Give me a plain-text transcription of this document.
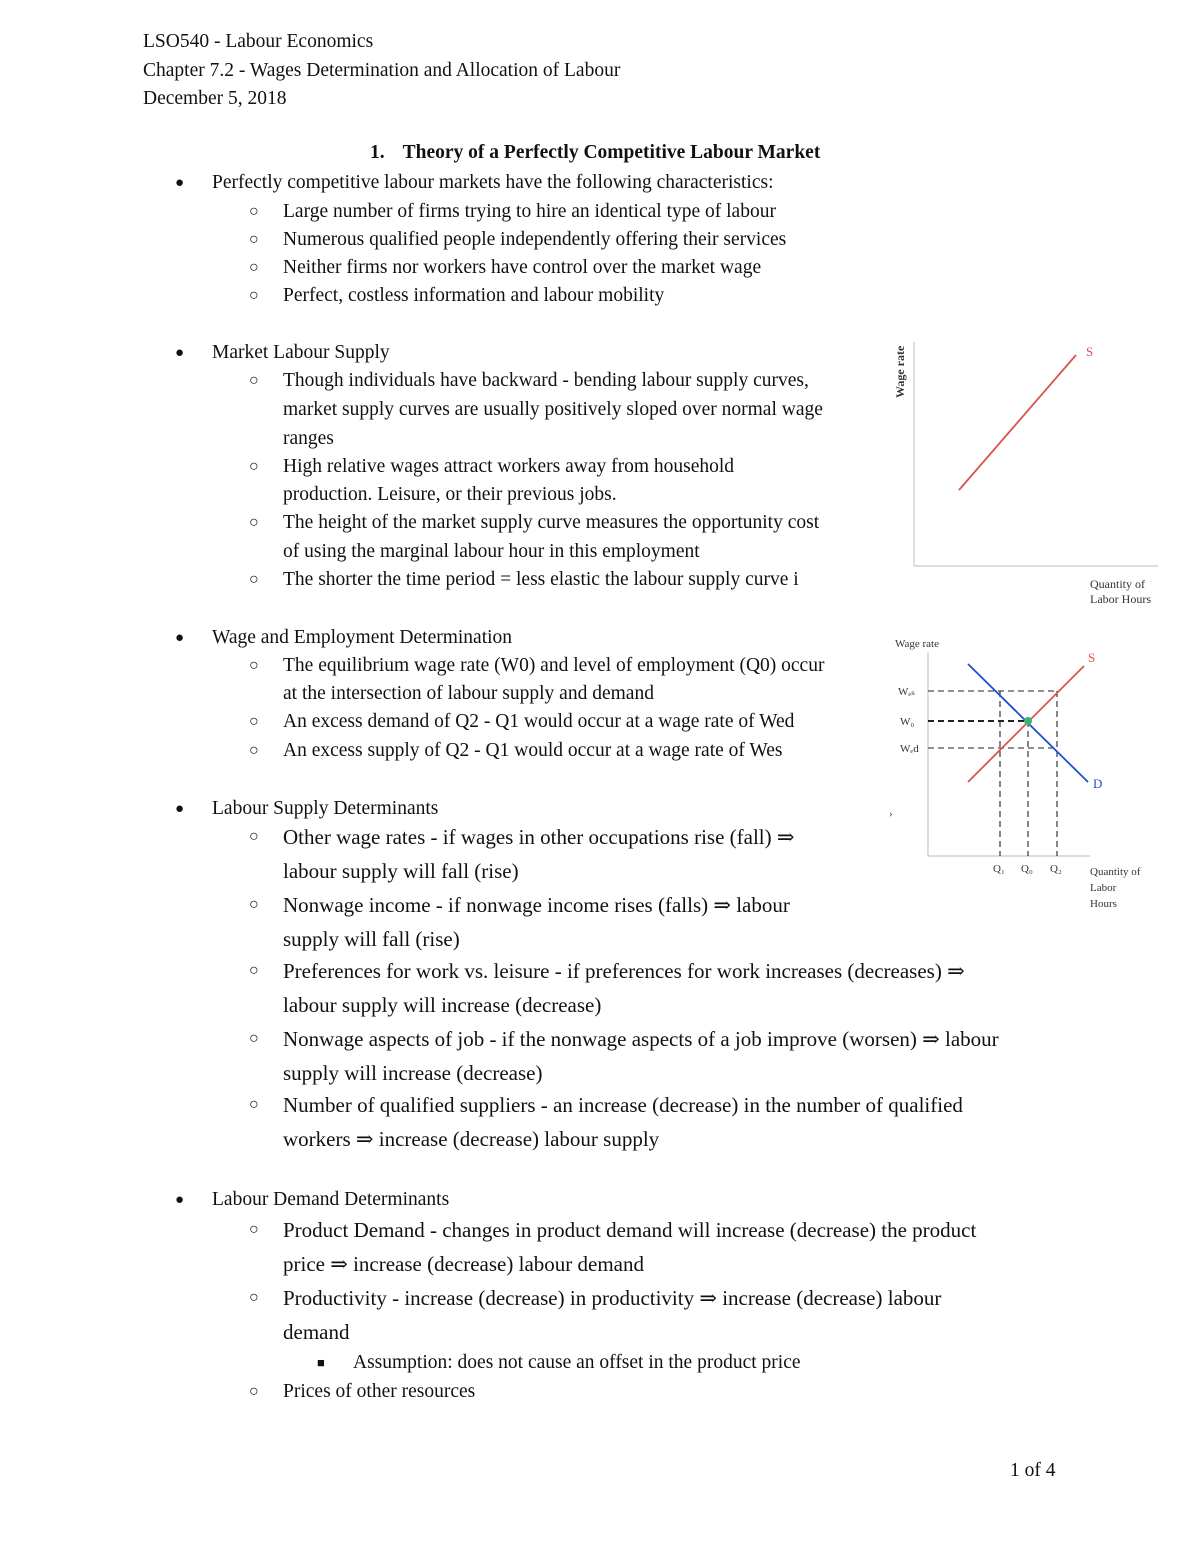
LSO540 - Labour Economics
Chapter 7.2 - Wages Determination and Allocation of Labour
December 5, 2018
1. Theory of a Perfectly Competitive Labour Market
● Perfectly competitive labour markets have the following characteristics:
○ Large number of firms trying to hire an identical type of labour
○ Numerous qualified people independently offering their services
○ Neither firms nor workers have control over the market wage
○ Perfect, costless information and labour mobility
● Market Labour Supply
○ Though individuals have backward - bending labour supply curves,
market supply curves are usually positively sloped over normal wage
ranges
○ High relative wages attract workers away from household
production. Leisure, or their previous jobs.
○ The height of the market supply curve measures the opportunity cost
of using the marginal labour hour in this employment
○ The shorter the time period = less elastic the labour supply curve i
● Wage and Employment Determination
○ The equilibrium wage rate (W0) and level of employment (Q0) occur
at the intersection of labour supply and demand
○ An excess demand of Q2 - Q1 would occur at a wage rate of Wed
○ An excess supply of Q2 - Q1 would occur at a wage rate of Wes
● Labour Supply Determinants
○ Other wage rates - if wages in other occupations rise (fall) ⇒
labour supply will fall (rise)
○ Nonwage income - if nonwage income rises (falls) ⇒ labour
supply will fall (rise)
○ Preferences for work vs. leisure - if preferences for work increases (decreases) ⇒
labour supply will increase (decrease)
○ Nonwage aspects of job - if the nonwage aspects of a job improve (worsen) ⇒ labour
supply will increase (decrease)
○ Number of qualified suppliers - an increase (decrease) in the number of qualified
workers ⇒ increase (decrease) labour supply
● Labour Demand Determinants
○ Product Demand - changes in product demand will increase (decrease) the product
price ⇒ increase (decrease) labour demand
○ Productivity - increase (decrease) in productivity ⇒ increase (decrease) labour
demand
■ Assumption: does not cause an offset in the product price
○ Prices of other resources
Wage rate	S
Quantity of
Labor Hours
Wage rate
S
D
Wₑₛ
W₀
Wₑd
›
Q₁ Q₀ Q₂	Quantity of
Labor
Hours
1 of 4
